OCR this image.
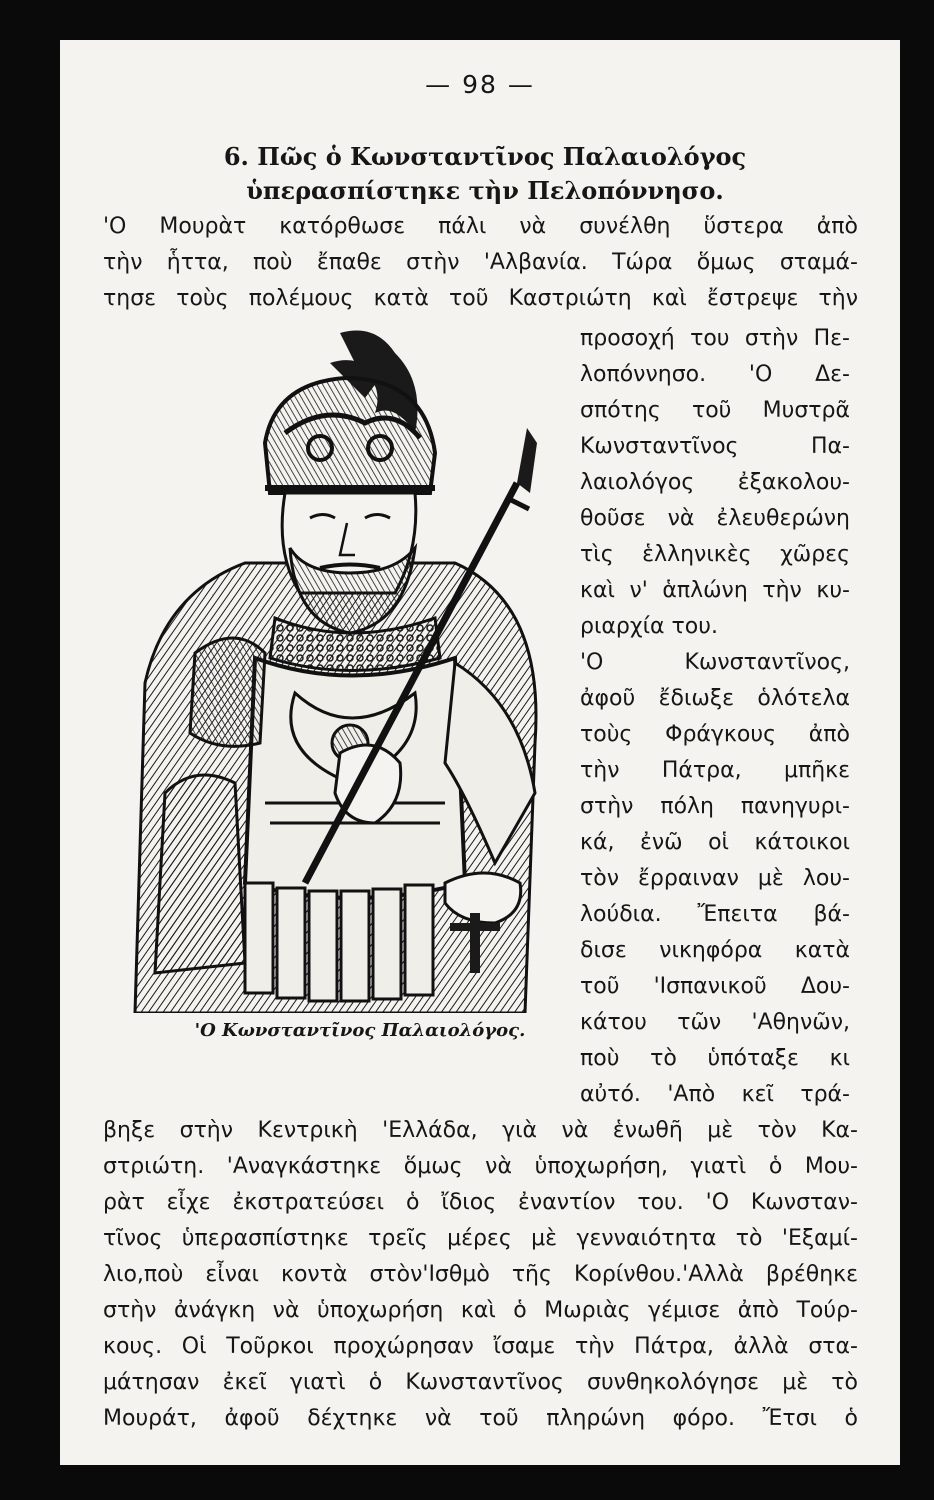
— 98 —
6. Πῶς ὁ Κωνσταντῖνος Παλαιολόγος
ὑπερασπίστηκε τὴν Πελοπόννησο.
'Ο Μουρὰτ κατόρθωσε πάλι νὰ συνέλθη ὕστερα ἀπὸ
τὴν ἧττα, ποὺ ἔπαθε στὴν 'Αλβανία. Τώρα ὅμως σταμά-
τησε τοὺς πολέμους κατὰ τοῦ Καστριώτη καὶ ἔστρεψε τὴν
προσοχή του στὴν Πε-
λοπόννησο. 'Ο Δε-
σπότης τοῦ Μυστρᾶ
Κωνσταντῖνος Πα-
λαιολόγος ἐξακολου-
θοῦσε νὰ ἐλευθερώνη
τὶς ἑλληνικὲς χῶρες
καὶ ν' ἁπλώνη τὴν κυ-
ριαρχία του.
'Ο Κωνσταντῖνος,
ἀφοῦ ἔδιωξε ὁλότελα
τοὺς Φράγκους ἀπὸ
τὴν Πάτρα, μπῆκε
στὴν πόλη πανηγυρι-
κά, ἐνῶ οἱ κάτοικοι
τὸν ἔρραιναν μὲ λου-
λούδια. Ἔπειτα βά-
δισε νικηφόρα κατὰ
τοῦ 'Ισπανικοῦ Δου-
κάτου τῶν 'Αθηνῶν,
ποὺ τὸ ὑπόταξε κι
αὐτό. 'Απὸ κεῖ τρά-
βηξε στὴν Κεντρικὴ 'Ελλάδα, γιὰ νὰ ἑνωθῆ μὲ τὸν Κα-
στριώτη. 'Αναγκάστηκε ὅμως νὰ ὑποχωρήση, γιατὶ ὁ Μου-
ρὰτ εἶχε ἐκστρατεύσει ὁ ἴδιος ἐναντίον του. 'Ο Κωνσταν-
τῖνος ὑπερασπίστηκε τρεῖς μέρες μὲ γενναιότητα τὸ 'Εξαμί-
λιο,ποὺ εἶναι κοντὰ στὸν'Ισθμὸ τῆς Κορίνθου.'Αλλὰ βρέθηκε
στὴν ἀνάγκη νὰ ὑποχωρήση καὶ ὁ Μωριὰς γέμισε ἀπὸ Τούρ-
κους. Οἱ Τοῦρκοι προχώρησαν ἴσαμε τὴν Πάτρα, ἀλλὰ στα-
μάτησαν ἐκεῖ γιατὶ ὁ Κωνσταντῖνος συνθηκολόγησε μὲ τὸ
Μουράτ, ἀφοῦ δέχτηκε νὰ τοῦ πληρώνη φόρο. Ἔτσι ὁ
'Ο Κωνσταντῖνος Παλαιολόγος.
